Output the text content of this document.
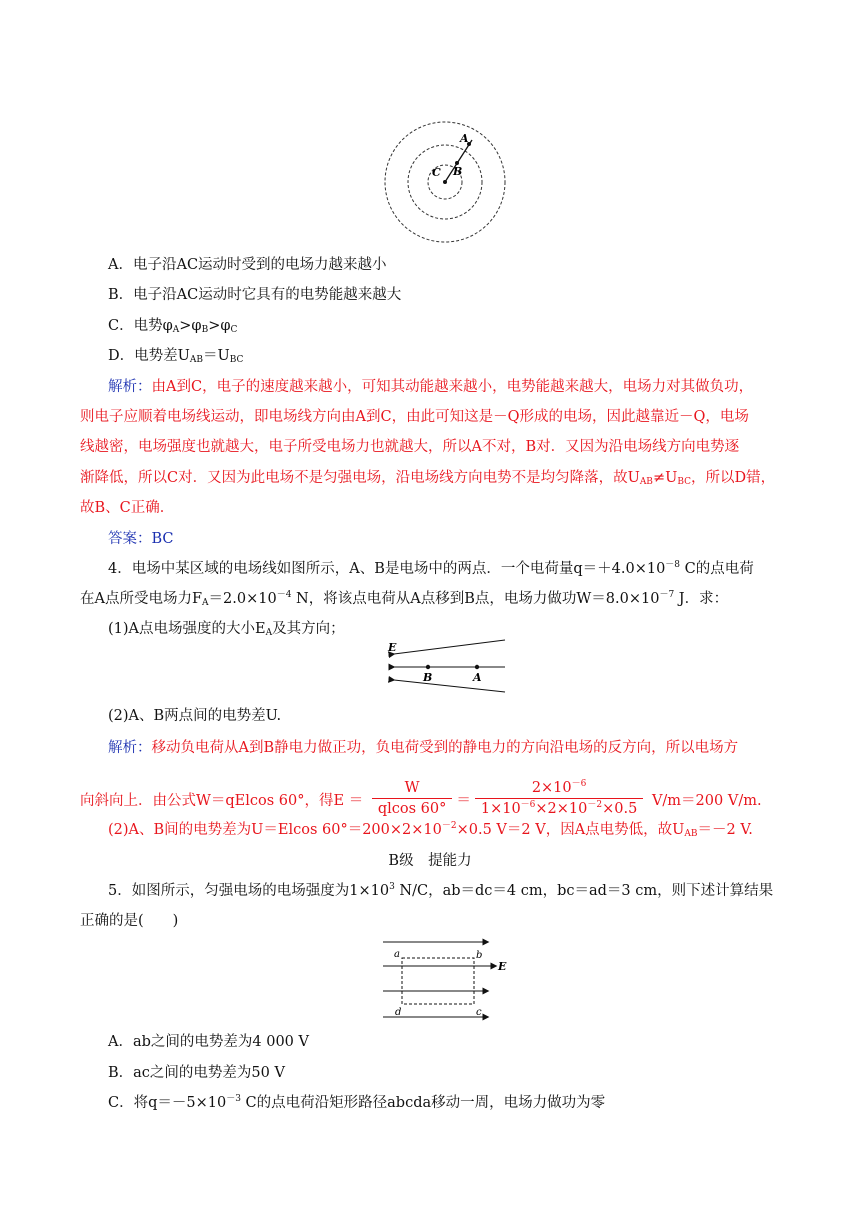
A
B
C
A．电子沿AC运动时受到的电场力越来越小
B．电子沿AC运动时它具有的电势能越来越大
C．电势$\varphi_A>\varphi_B>\varphi_C$
D．电势差$U_{AB}=U_{BC}$
解析：由A到C，电子的速度越来越小，可知其动能越来越小，电势能越来越大，电场力对其做负功，
则电子应顺着电场线运动，即电场线方向由A到C，由此可知这是－Q形成的电场，因此越靠近－Q，电场
线越密，电场强度也就越大，电子所受电场力也就越大，所以A不对，B对．又因为沿电场线方向电势逐
渐降低，所以C对．又因为此电场不是匀强电场，沿电场线方向电势不是均匀降落，故$U_{AB}\ne U_{BC}$，所以D错，
故B、C正确．
答案：BC
4．电场中某区域的电场线如图所示，A、B是电场中的两点．一个电荷量$q=+4.0\times 10^{-8}$ C的点电荷
在A点所受电场力$F_A=2.0\times 10^{-4}$ N，将该点电荷从A点移到B点，电场力做功$W=8.0\times 10^{-7}$ J．求：
(1)A点电场强度的大小$E_A$及其方向；
E
B	A
(2)A、B两点间的电势差U.
解析：移动负电荷从A到B静电力做正功，负电荷受到的静电力的方向沿电场的反方向，所以电场方
向斜向上．由公式W＝qElcos 60°，得$E = \frac{W}{qlcos 60^\circ} = \frac{2\times 10^{-6}}{1\times 10^{-6}\times 2\times 10^{-2}\times 0.5} V/m=200$ V/m.
(2)A、B间的电势差为U＝Elcos $60^\circ=200\times 2\times 10^{-2}\times 0.5$ V＝2 V，因A点电势低，故$U_{AB}=-2$ V.
B级　提能力
5．如图所示，匀强电场的电场强度为$1\times 10^3$ N/C，ab＝dc＝4 cm，bc＝ad＝3 cm，则下述计算结果
正确的是(　　)
a	b
d	c
E
A．ab之间的电势差为4 000 V
B．ac之间的电势差为50 V
C．将$q=-5\times 10^{-3}$ C的点电荷沿矩形路径abcda移动一周，电场力做功为零
